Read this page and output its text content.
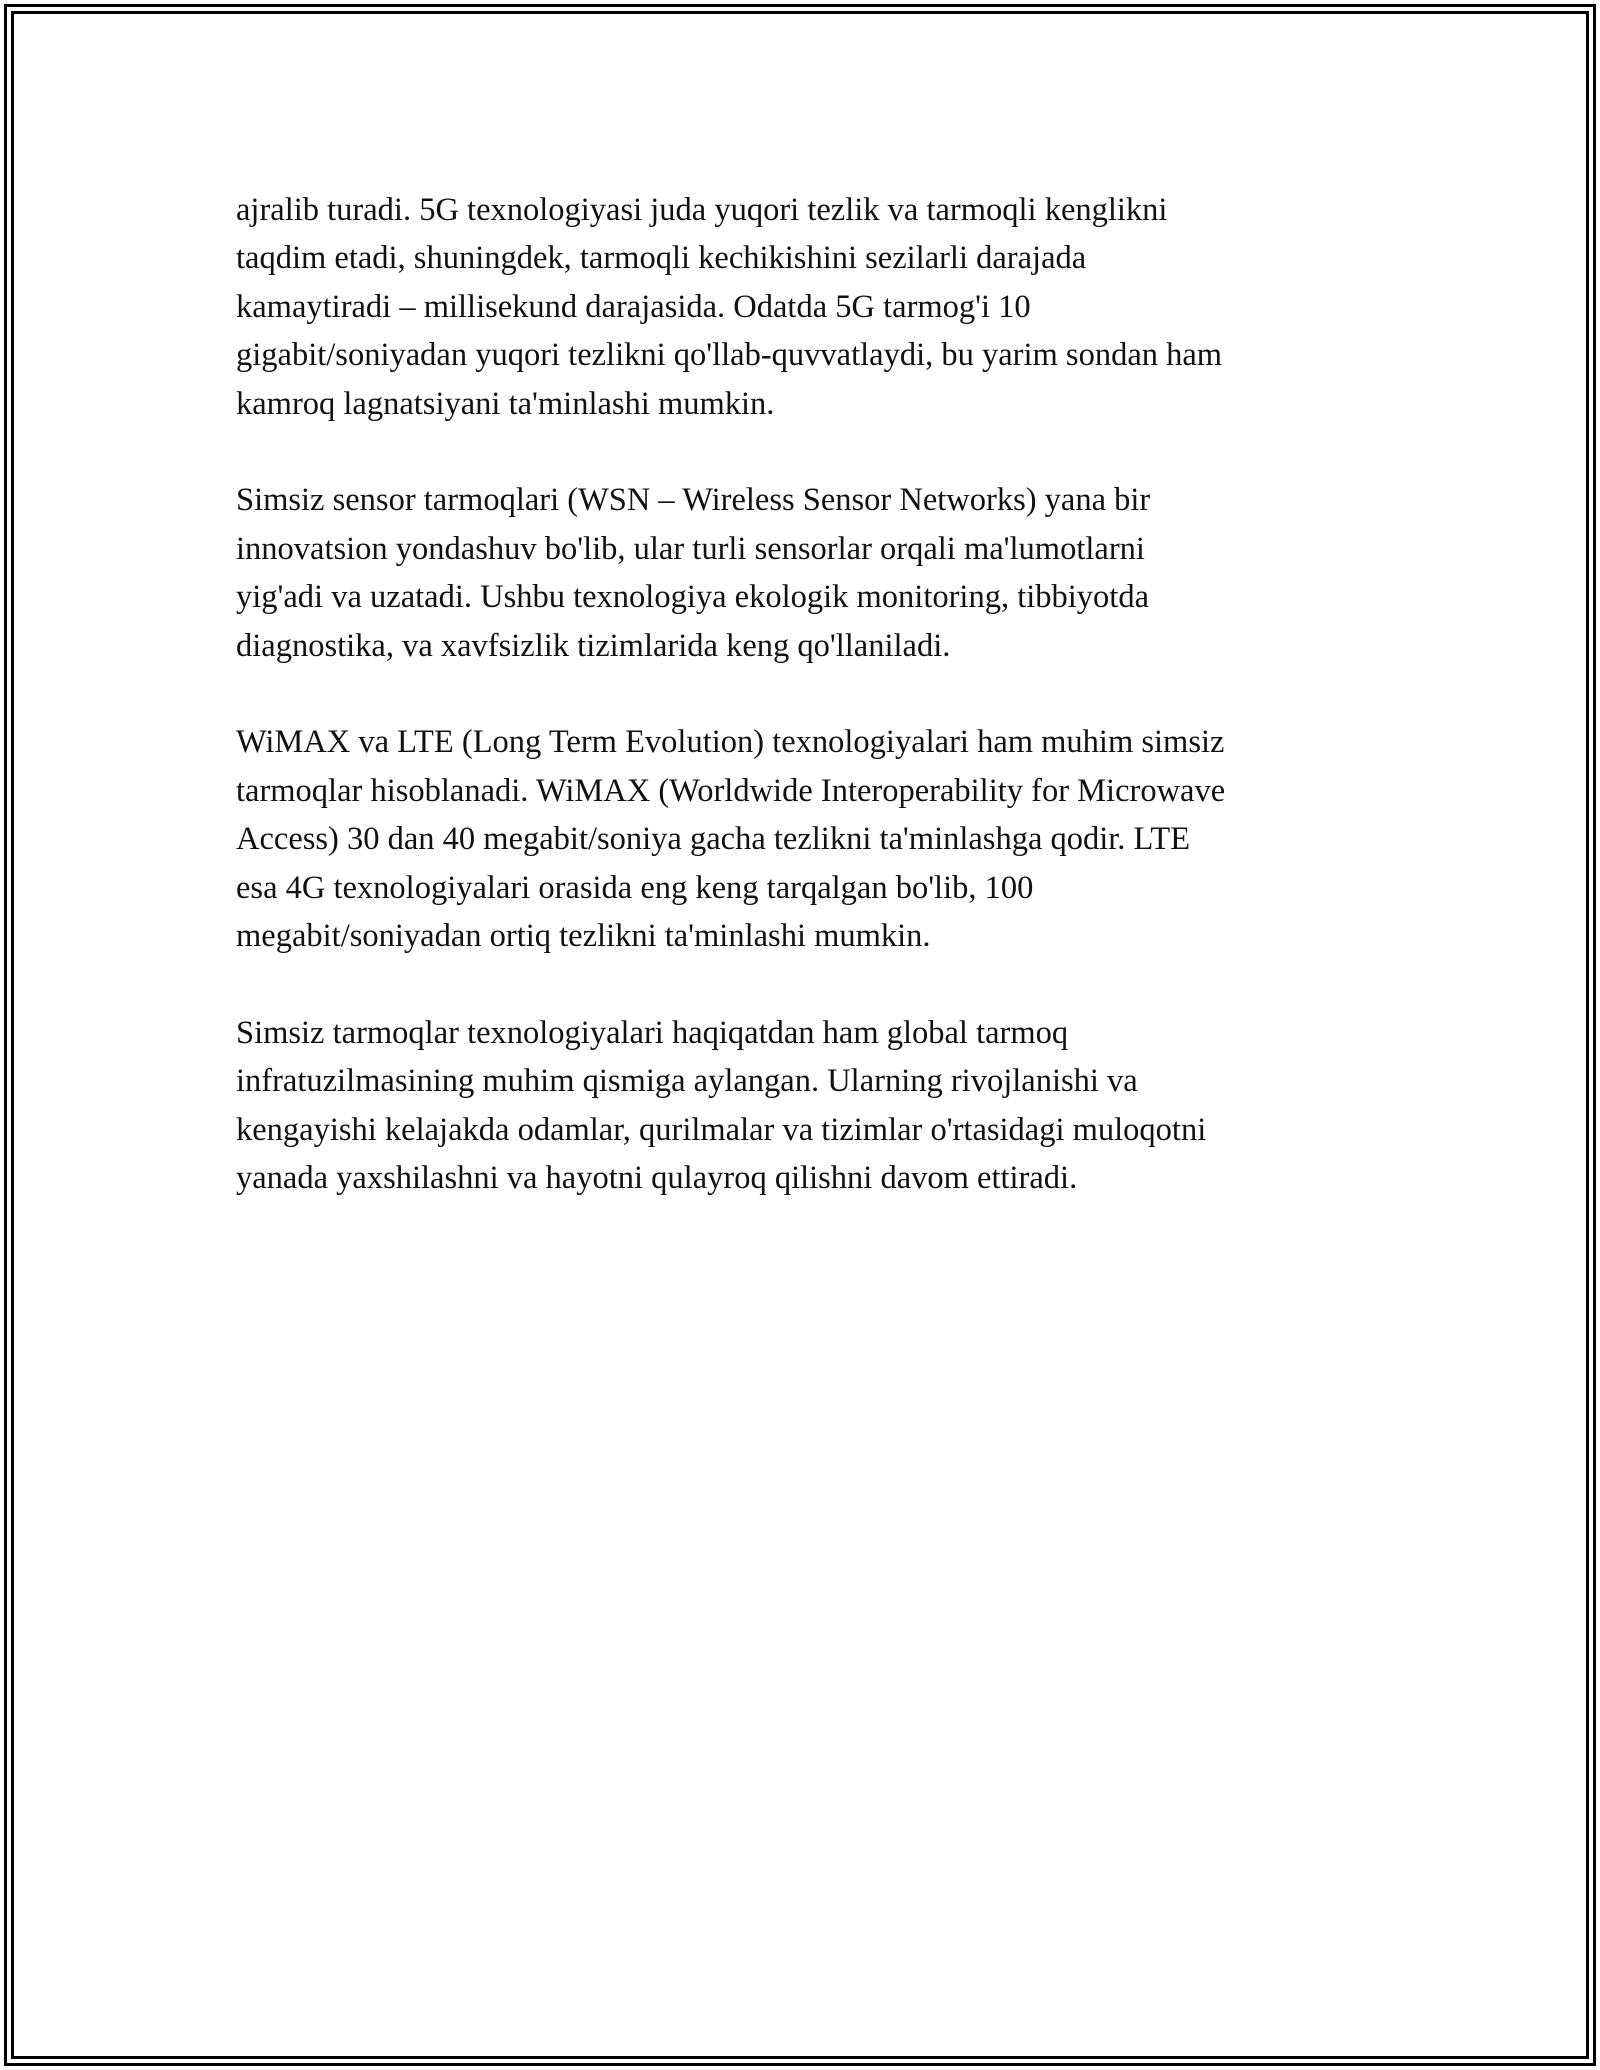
ajralib turadi. 5G texnologiyasi juda yuqori tezlik va tarmoqli kenglikni
taqdim etadi, shuningdek, tarmoqli kechikishini sezilarli darajada
kamaytiradi – millisekund darajasida. Odatda 5G tarmog'i 10
gigabit/soniyadan yuqori tezlikni qo'llab-quvvatlaydi, bu yarim sondan ham
kamroq lagnatsiyani ta'minlashi mumkin.

Simsiz sensor tarmoqlari (WSN – Wireless Sensor Networks) yana bir
innovatsion yondashuv bo'lib, ular turli sensorlar orqali ma'lumotlarni
yig'adi va uzatadi. Ushbu texnologiya ekologik monitoring, tibbiyotda
diagnostika, va xavfsizlik tizimlarida keng qo'llaniladi.

WiMAX va LTE (Long Term Evolution) texnologiyalari ham muhim simsiz
tarmoqlar hisoblanadi. WiMAX (Worldwide Interoperability for Microwave
Access) 30 dan 40 megabit/soniya gacha tezlikni ta'minlashga qodir. LTE
esa 4G texnologiyalari orasida eng keng tarqalgan bo'lib, 100
megabit/soniyadan ortiq tezlikni ta'minlashi mumkin.

Simsiz tarmoqlar texnologiyalari haqiqatdan ham global tarmoq
infratuzilmasining muhim qismiga aylangan. Ularning rivojlanishi va
kengayishi kelajakda odamlar, qurilmalar va tizimlar o'rtasidagi muloqotni
yanada yaxshilashni va hayotni qulayroq qilishni davom ettiradi.
